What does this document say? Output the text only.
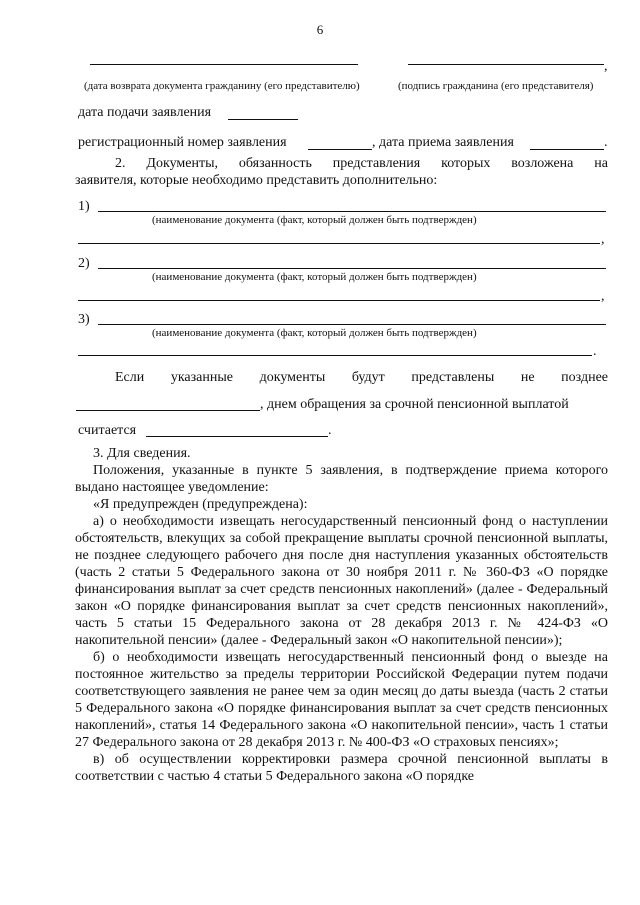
6
,
(дата возврата документа гражданину (его представителю)	(подпись гражданина (его представителя)
дата подачи заявления
регистрационный номер заявления	, дата приема заявления	.
2. Документы, обязанность представления которых возложена на
заявителя, которые необходимо представить дополнительно:
1)
(наименование документа (факт, который должен быть подтвержден)
,
2)
(наименование документа (факт, который должен быть подтвержден)
,
3)
(наименование документа (факт, который должен быть подтвержден)
.
Если указанные документы будут представлены не позднее
, днем обращения за срочной пенсионной выплатой
считается	.

3. Для сведения.

Положения, указанные в пункте 5 заявления, в подтверждение приема которого выдано настоящее уведомление:

«Я предупрежден (предупреждена):

а) о необходимости извещать негосударственный пенсионный фонд о наступлении обстоятельств, влекущих за собой прекращение выплаты срочной пенсионной выплаты, не позднее следующего рабочего дня после дня наступления указанных обстоятельств (часть 2 статьи 5 Федерального закона от 30 ноября 2011 г. № 360-ФЗ «О порядке финансирования выплат за счет средств пенсионных накоплений» (далее - Федеральный закон «О порядке финансирования выплат за счет средств пенсионных накоплений», часть 5 статьи 15 Федерального закона от 28 декабря 2013 г. № 424-ФЗ «О накопительной пенсии» (далее - Федеральный закон «О накопительной пенсии»);

б) о необходимости извещать негосударственный пенсионный фонд о выезде на постоянное жительство за пределы территории Российской Федерации путем подачи соответствующего заявления не ранее чем за один месяц до даты выезда (часть 2 статьи 5 Федерального закона «О порядке финансирования выплат за счет средств пенсионных накоплений», статья 14 Федерального закона «О накопительной пенсии», часть 1 статьи 27 Федерального закона от 28 декабря 2013 г. № 400-ФЗ «О страховых пенсиях»;

в) об осуществлении корректировки размера срочной пенсионной выплаты в соответствии с частью 4 статьи 5 Федерального закона «О порядке
